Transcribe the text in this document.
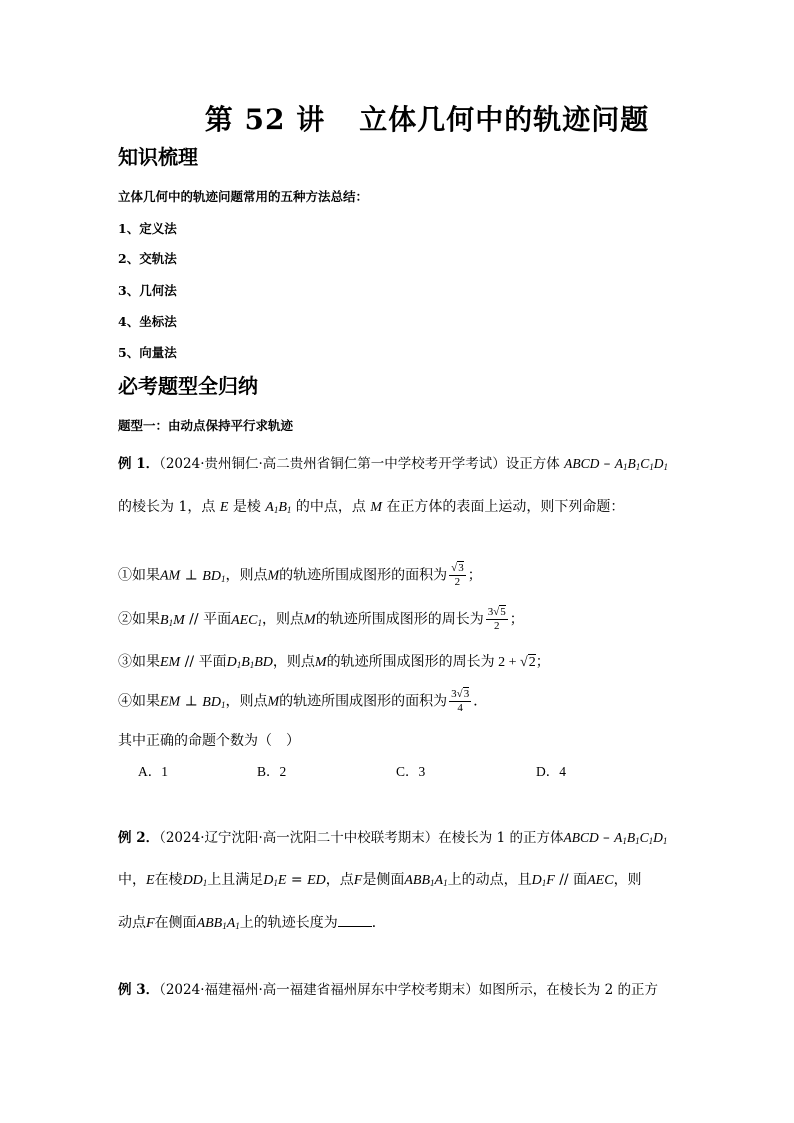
第 52 讲 立体几何中的轨迹问题
知识梳理
立体几何中的轨迹问题常用的五种方法总结：
1、定义法
2、交轨法
3、几何法
4、坐标法
5、向量法
必考题型全归纳
题型一：由动点保持平行求轨迹
例 1．（2024·贵州铜仁·高二贵州省铜仁第一中学校考开学考试）设正方体 ABCD – $A_1B_1C_1D_1$
的棱长为 1，点 E 是棱 $A_1B_1$ 的中点，点 M 在正方体的表面上运动，则下列命题：
①如果AM ⊥ $BD_1$，则点M的轨迹所围成图形的面积为 $\frac{√3}{2}$ ；
②如果$B_1M$ // 平面$AEC_1$，则点M的轨迹所围成图形的周长为 $\frac{3√5}{2}$ ；
③如果EM // 平面$D_1B_1BD$，则点M的轨迹所围成图形的周长为 2 + √2；
④如果EM ⊥ $BD_1$，则点M的轨迹所围成图形的面积为 $\frac{3√3}{4}$ ．
其中正确的命题个数为（　）
A．1	B．2	C．3	D．4
例 2．（2024·辽宁沈阳·高一沈阳二十中校联考期末）在棱长为 1 的正方体ABCD – $A_1B_1C_1D_1$
中，E在棱$DD_1$上且满足$D_1E$ = ED，点F是侧面$ABB_1A_1$上的动点，且$D_1F$ // 面AEC，则
动点F在侧面$ABB_1A_1$上的轨迹长度为 ．
例 3．（2024·福建福州·高一福建省福州屏东中学校考期末）如图所示，在棱长为 2 的正方
